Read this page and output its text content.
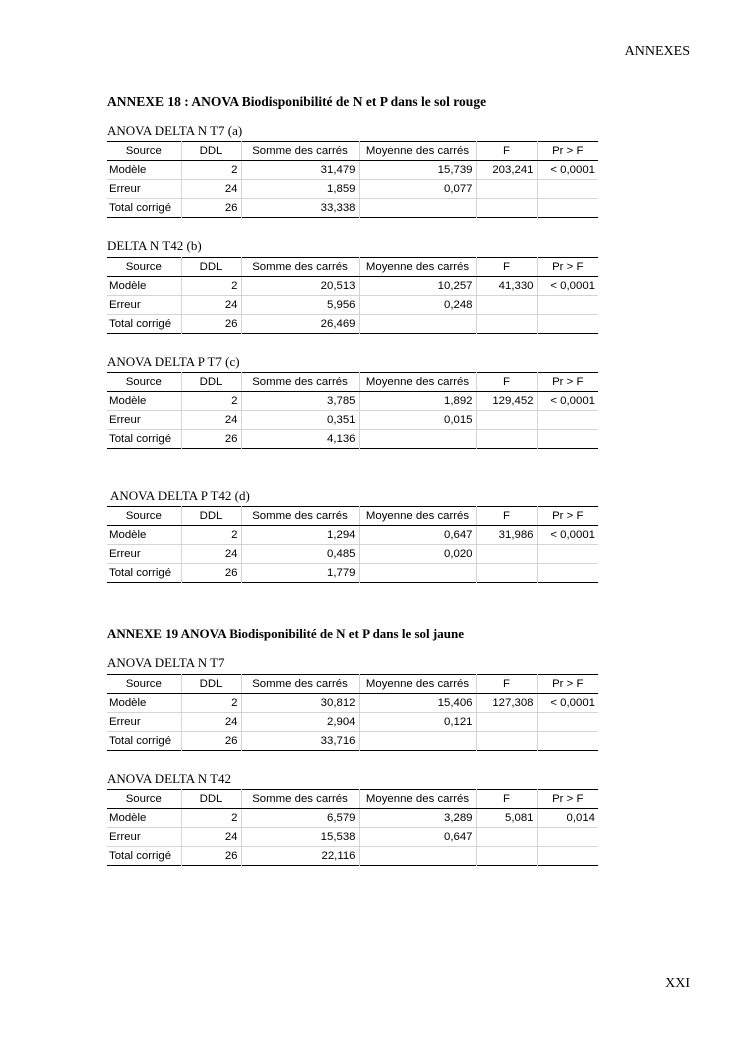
ANNEXES
ANNEXE 18 : ANOVA Biodisponibilité de N et P dans le sol rouge
ANOVA DELTA N T7 (a)
Source	DDL	Somme des carrés	Moyenne des carrés	F	Pr > F
Modèle	2	31,479	15,739	203,241	< 0,0001
Erreur	24	1,859	0,077		
Total corrigé	26	33,338			
DELTA N T42 (b)
Source	DDL	Somme des carrés	Moyenne des carrés	F	Pr > F
Modèle	2	20,513	10,257	41,330	< 0,0001
Erreur	24	5,956	0,248		
Total corrigé	26	26,469			
ANOVA DELTA P T7 (c)
Source	DDL	Somme des carrés	Moyenne des carrés	F	Pr > F
Modèle	2	3,785	1,892	129,452	< 0,0001
Erreur	24	0,351	0,015		
Total corrigé	26	4,136			
ANOVA DELTA P T42 (d)
Source	DDL	Somme des carrés	Moyenne des carrés	F	Pr > F
Modèle	2	1,294	0,647	31,986	< 0,0001
Erreur	24	0,485	0,020		
Total corrigé	26	1,779			
ANNEXE 19 ANOVA Biodisponibilité de N et P dans le sol jaune
ANOVA DELTA N T7
Source	DDL	Somme des carrés	Moyenne des carrés	F	Pr > F
Modèle	2	30,812	15,406	127,308	< 0,0001
Erreur	24	2,904	0,121		
Total corrigé	26	33,716			
ANOVA DELTA N T42
Source	DDL	Somme des carrés	Moyenne des carrés	F	Pr > F
Modèle	2	6,579	3,289	5,081	0,014
Erreur	24	15,538	0,647		
Total corrigé	26	22,116			
XXI
